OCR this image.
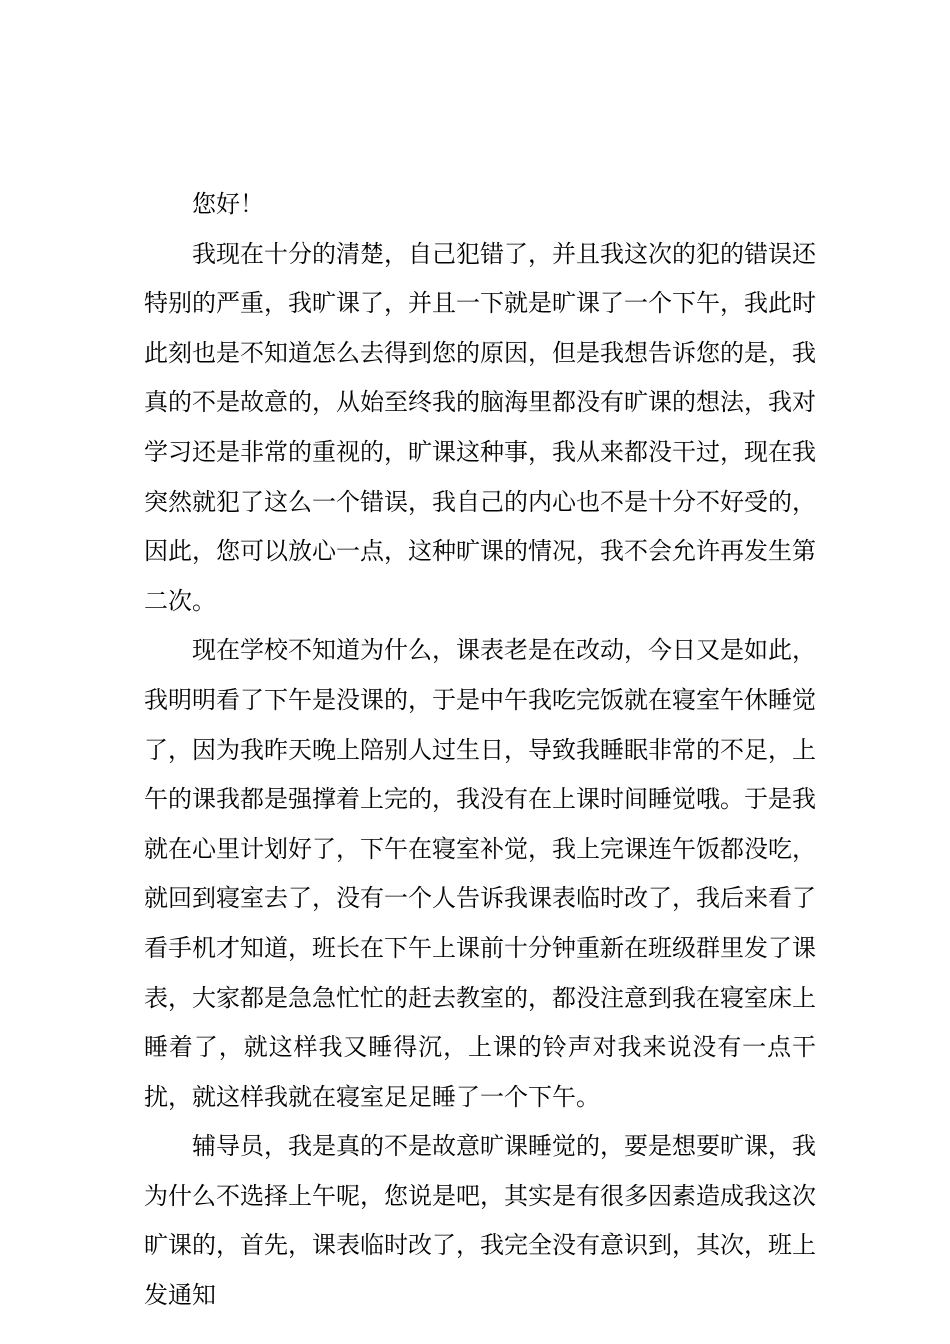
您好！

我现在十分的清楚，自己犯错了，并且我这次的犯的错误还特别的严重，我旷课了，并且一下就是旷课了一个下午，我此时此刻也是不知道怎么去得到您的原因，但是我想告诉您的是，我真的不是故意的，从始至终我的脑海里都没有旷课的想法，我对学习还是非常的重视的，旷课这种事，我从来都没干过，现在我突然就犯了这么一个错误，我自己的内心也不是十分不好受的，因此，您可以放心一点，这种旷课的情况，我不会允许再发生第二次。

现在学校不知道为什么，课表老是在改动，今日又是如此，我明明看了下午是没课的，于是中午我吃完饭就在寝室午休睡觉了，因为我昨天晚上陪别人过生日，导致我睡眠非常的不足，上午的课我都是强撑着上完的，我没有在上课时间睡觉哦。于是我就在心里计划好了，下午在寝室补觉，我上完课连午饭都没吃，就回到寝室去了，没有一个人告诉我课表临时改了，我后来看了看手机才知道，班长在下午上课前十分钟重新在班级群里发了课表，大家都是急急忙忙的赶去教室的，都没注意到我在寝室床上睡着了，就这样我又睡得沉，上课的铃声对我来说没有一点干扰，就这样我就在寝室足足睡了一个下午。

辅导员，我是真的不是故意旷课睡觉的，要是想要旷课，我为什么不选择上午呢，您说是吧，其实是有很多因素造成我这次旷课的，首先，课表临时改了，我完全没有意识到，其次，班上发通知
